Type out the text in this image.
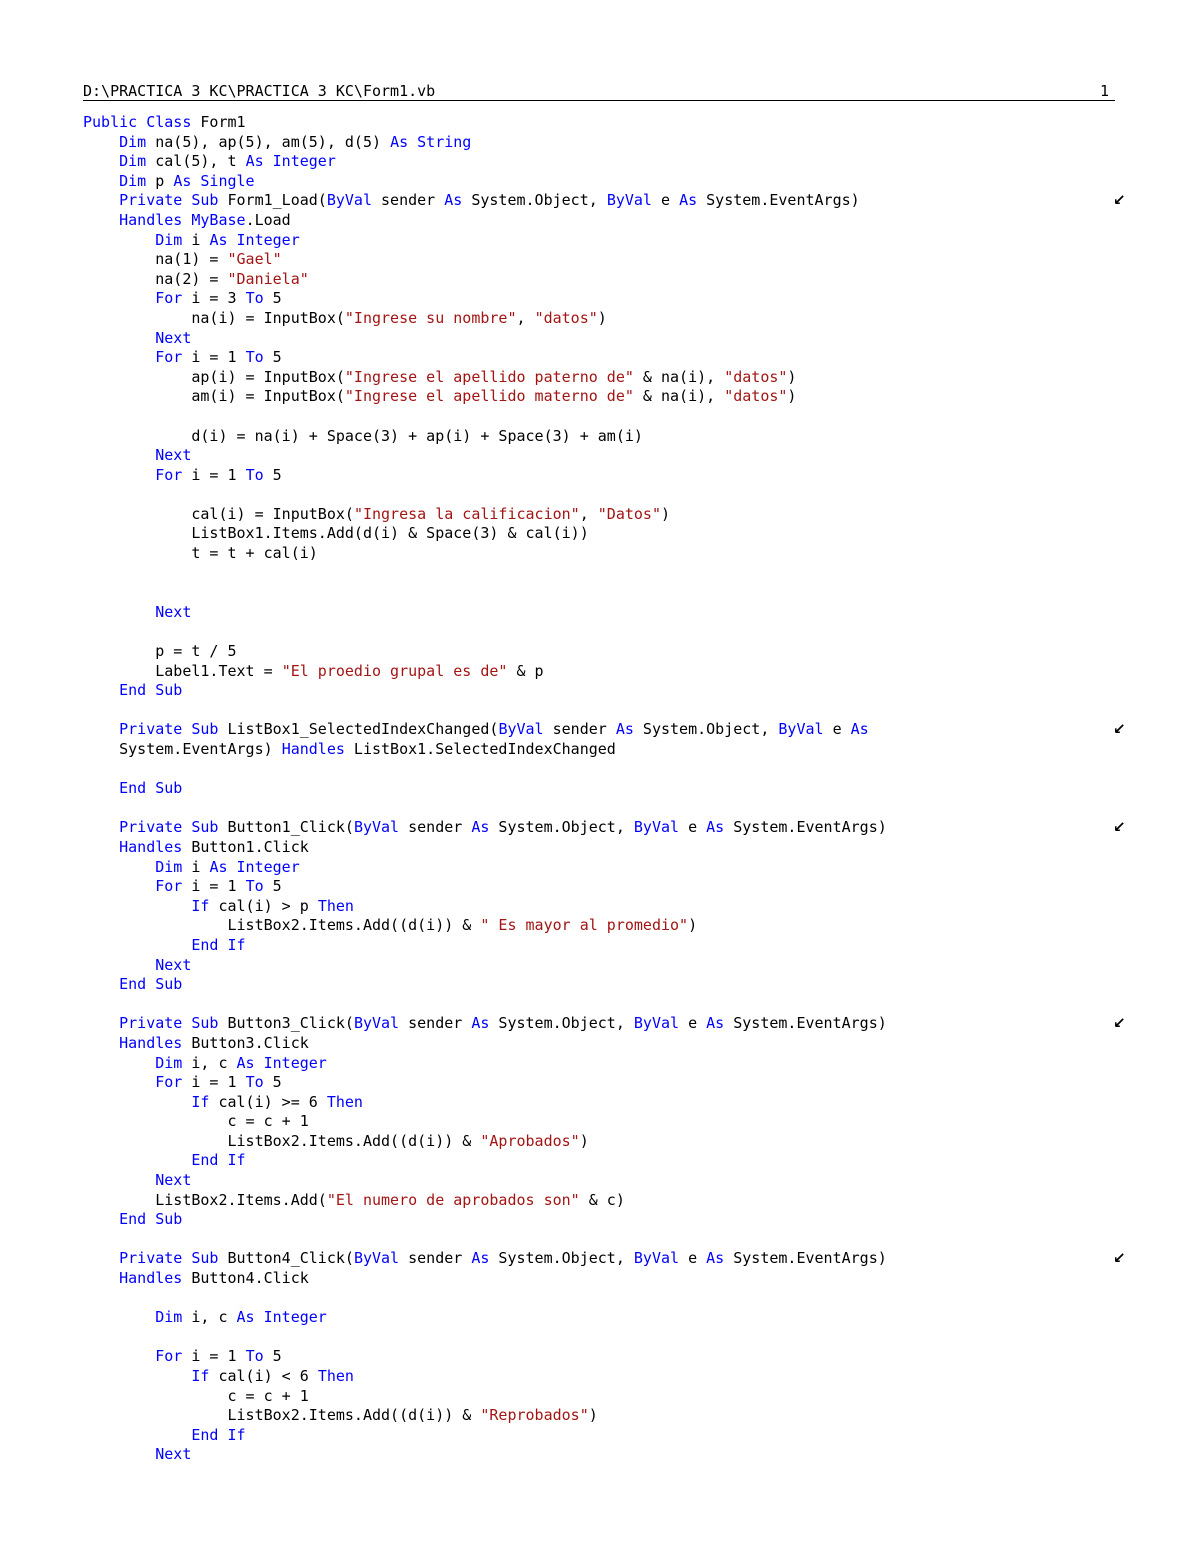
D:\PRACTICA 3 KC\PRACTICA 3 KC\Form1.vb	1
Public Class Form1
Dim na(5), ap(5), am(5), d(5) As String
Dim cal(5), t As Integer
Dim p As Single
Private Sub Form1_Load(ByVal sender As System.Object, ByVal e As System.EventArgs)	↙
Handles MyBase.Load
Dim i As Integer
na(1) = "Gael"
na(2) = "Daniela"
For i = 3 To 5
na(i) = InputBox("Ingrese su nombre", "datos")
Next
For i = 1 To 5
ap(i) = InputBox("Ingrese el apellido paterno de" & na(i), "datos")
am(i) = InputBox("Ingrese el apellido materno de" & na(i), "datos")
d(i) = na(i) + Space(3) + ap(i) + Space(3) + am(i)
Next
For i = 1 To 5
cal(i) = InputBox("Ingresa la calificacion", "Datos")
ListBox1.Items.Add(d(i) & Space(3) & cal(i))
t = t + cal(i)
Next
p = t / 5
Label1.Text = "El proedio grupal es de" & p
End Sub
Private Sub ListBox1_SelectedIndexChanged(ByVal sender As System.Object, ByVal e As	↙
System.EventArgs) Handles ListBox1.SelectedIndexChanged
End Sub
Private Sub Button1_Click(ByVal sender As System.Object, ByVal e As System.EventArgs)	↙
Handles Button1.Click
Dim i As Integer
For i = 1 To 5
If cal(i) > p Then
ListBox2.Items.Add((d(i)) & " Es mayor al promedio")
End If
Next
End Sub
Private Sub Button3_Click(ByVal sender As System.Object, ByVal e As System.EventArgs)	↙
Handles Button3.Click
Dim i, c As Integer
For i = 1 To 5
If cal(i) >= 6 Then
c = c + 1
ListBox2.Items.Add((d(i)) & "Aprobados")
End If
Next
ListBox2.Items.Add("El numero de aprobados son" & c)
End Sub
Private Sub Button4_Click(ByVal sender As System.Object, ByVal e As System.EventArgs)	↙
Handles Button4.Click
Dim i, c As Integer
For i = 1 To 5
If cal(i) < 6 Then
c = c + 1
ListBox2.Items.Add((d(i)) & "Reprobados")
End If
Next
